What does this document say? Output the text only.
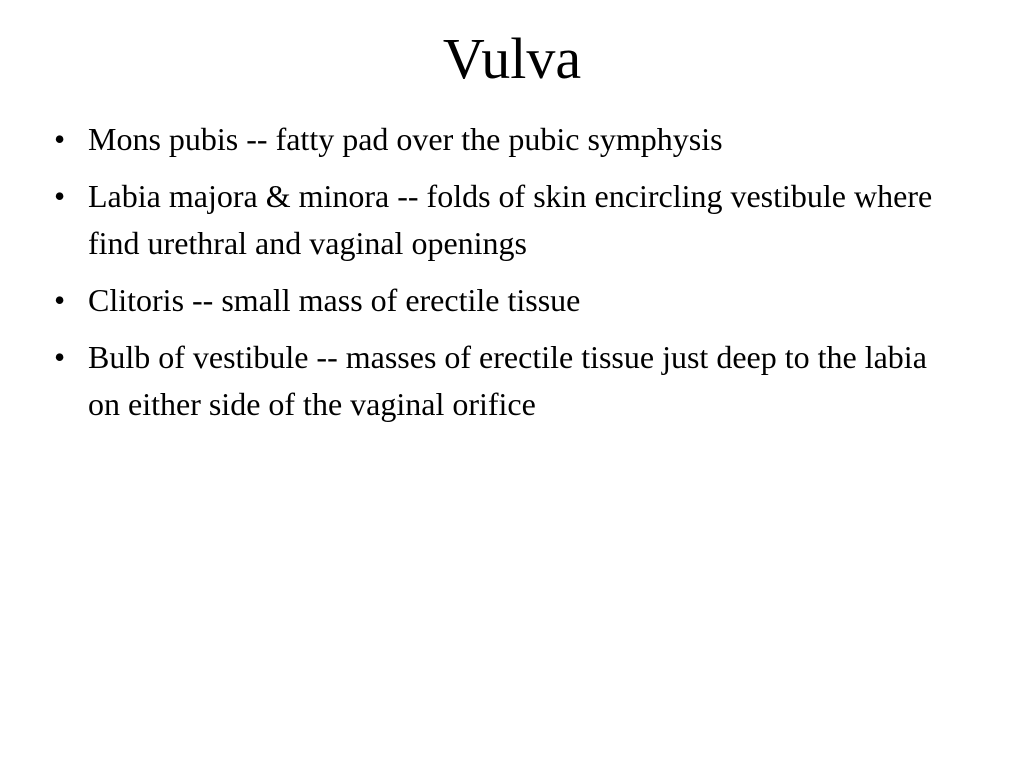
Vulva
• Mons pubis -- fatty pad over the pubic symphysis
• Labia majora & minora -- folds of skin encircling vestibule where find urethral and vaginal openings
• Clitoris -- small mass of erectile tissue
• Bulb of vestibule -- masses of erectile tissue just deep to the labia on either side of the vaginal orifice
